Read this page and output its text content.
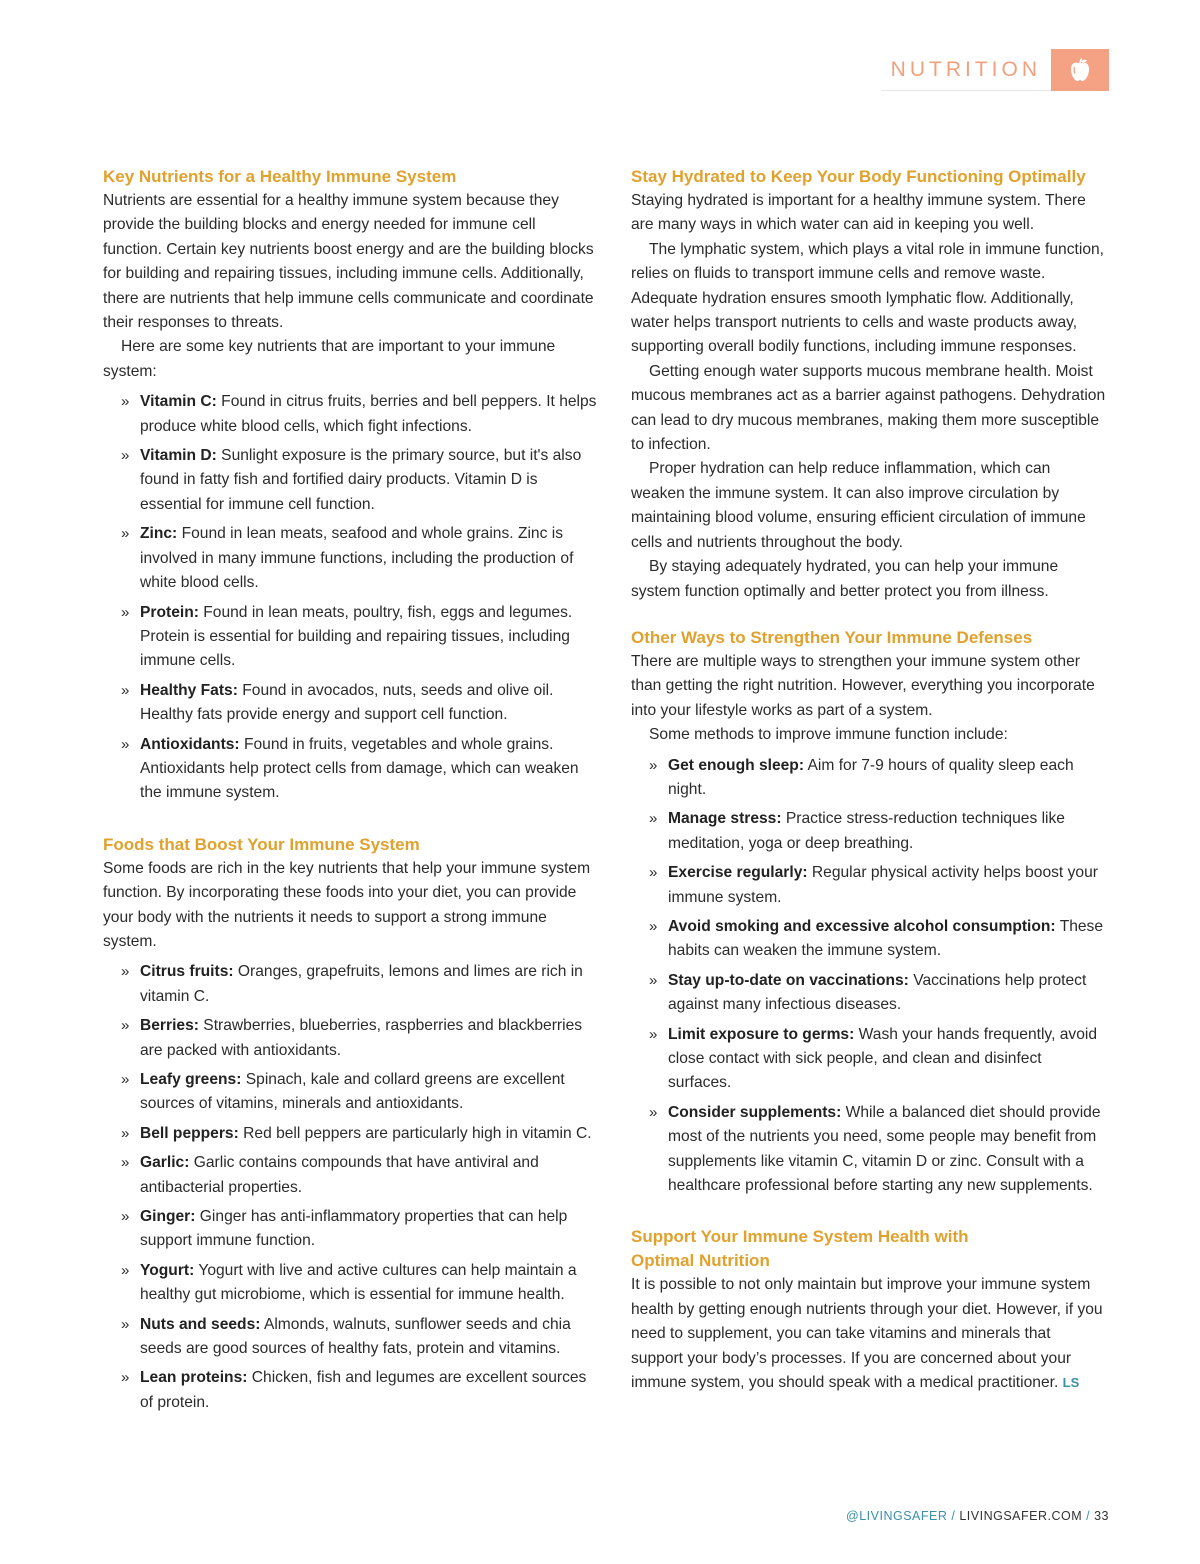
NUTRITION
Key Nutrients for a Healthy Immune System

Nutrients are essential for a healthy immune system because they provide the building blocks and energy needed for immune cell function. Certain key nutrients boost energy and are the building blocks for building and repairing tissues, including immune cells. Additionally, there are nutrients that help immune cells communicate and coordinate their responses to threats.

Here are some key nutrients that are important to your immune system:

» Vitamin C: Found in citrus fruits, berries and bell peppers. It helps produce white blood cells, which fight infections.
» Vitamin D: Sunlight exposure is the primary source, but it's also found in fatty fish and fortified dairy products. Vitamin D is essential for immune cell function.
» Zinc: Found in lean meats, seafood and whole grains. Zinc is involved in many immune functions, including the production of white blood cells.
» Protein: Found in lean meats, poultry, fish, eggs and legumes. Protein is essential for building and repairing tissues, including immune cells.
» Healthy Fats: Found in avocados, nuts, seeds and olive oil. Healthy fats provide energy and support cell function.
» Antioxidants: Found in fruits, vegetables and whole grains. Antioxidants help protect cells from damage, which can weaken the immune system.
Foods that Boost Your Immune System

Some foods are rich in the key nutrients that help your immune system function. By incorporating these foods into your diet, you can provide your body with the nutrients it needs to support a strong immune system.

» Citrus fruits: Oranges, grapefruits, lemons and limes are rich in vitamin C.
» Berries: Strawberries, blueberries, raspberries and blackberries are packed with antioxidants.
» Leafy greens: Spinach, kale and collard greens are excellent sources of vitamins, minerals and antioxidants.
» Bell peppers: Red bell peppers are particularly high in vitamin C.
» Garlic: Garlic contains compounds that have antiviral and antibacterial properties.
» Ginger: Ginger has anti-inflammatory properties that can help support immune function.
» Yogurt: Yogurt with live and active cultures can help maintain a healthy gut microbiome, which is essential for immune health.
» Nuts and seeds: Almonds, walnuts, sunflower seeds and chia seeds are good sources of healthy fats, protein and vitamins.
» Lean proteins: Chicken, fish and legumes are excellent sources of protein.
Stay Hydrated to Keep Your Body Functioning Optimally

Staying hydrated is important for a healthy immune system. There are many ways in which water can aid in keeping you well.

The lymphatic system, which plays a vital role in immune function, relies on fluids to transport immune cells and remove waste. Adequate hydration ensures smooth lymphatic flow. Additionally, water helps transport nutrients to cells and waste products away, supporting overall bodily functions, including immune responses.

Getting enough water supports mucous membrane health. Moist mucous membranes act as a barrier against pathogens. Dehydration can lead to dry mucous membranes, making them more susceptible to infection.

Proper hydration can help reduce inflammation, which can weaken the immune system. It can also improve circulation by maintaining blood volume, ensuring efficient circulation of immune cells and nutrients throughout the body.

By staying adequately hydrated, you can help your immune system function optimally and better protect you from illness.

Other Ways to Strengthen Your Immune Defenses

There are multiple ways to strengthen your immune system other than getting the right nutrition. However, everything you incorporate into your lifestyle works as part of a system.

Some methods to improve immune function include:

» Get enough sleep: Aim for 7-9 hours of quality sleep each night.
» Manage stress: Practice stress-reduction techniques like meditation, yoga or deep breathing.
» Exercise regularly: Regular physical activity helps boost your immune system.
» Avoid smoking and excessive alcohol consumption: These habits can weaken the immune system.
» Stay up-to-date on vaccinations: Vaccinations help protect against many infectious diseases.
» Limit exposure to germs: Wash your hands frequently, avoid close contact with sick people, and clean and disinfect surfaces.
» Consider supplements: While a balanced diet should provide most of the nutrients you need, some people may benefit from supplements like vitamin C, vitamin D or zinc. Consult with a healthcare professional before starting any new supplements.
Support Your Immune System Health with
Optimal Nutrition

It is possible to not only maintain but improve your immune system health by getting enough nutrients through your diet. However, if you need to supplement, you can take vitamins and minerals that support your body’s processes. If you are concerned about your immune system, you should speak with a medical practitioner. LS

@LIVINGSAFER / LIVINGSAFER.COM / 33
